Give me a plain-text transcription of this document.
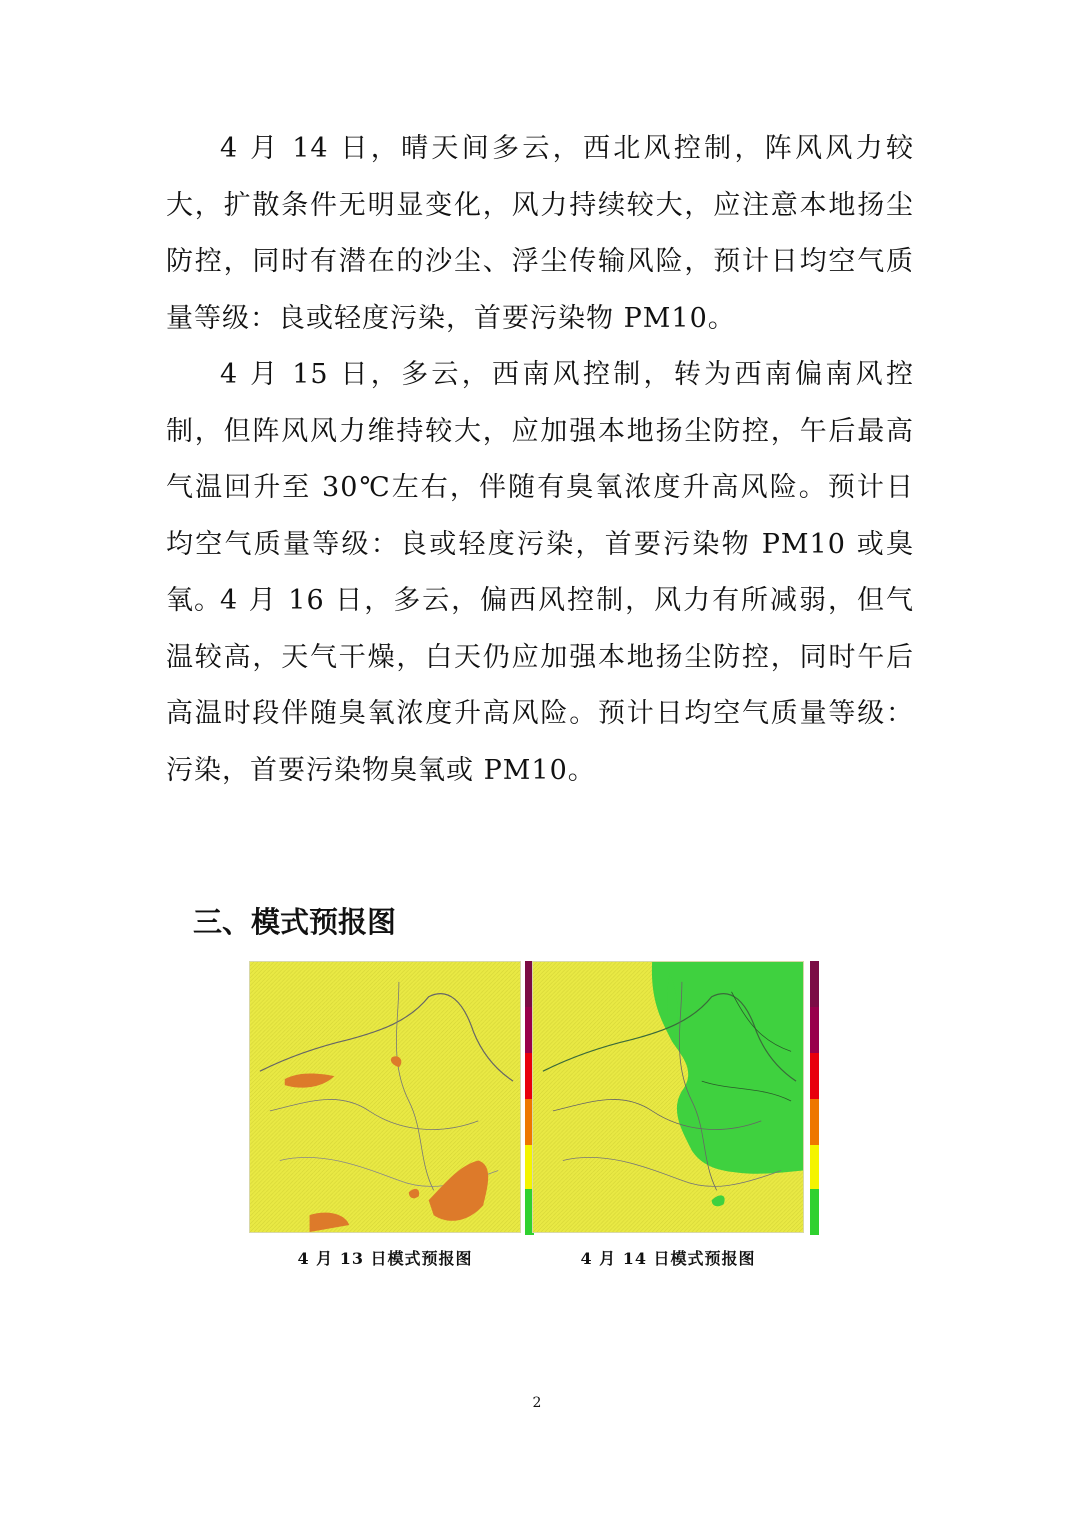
4 月 14 日，晴天间多云，西北风控制，阵风风力较大，扩散条件无明显变化，风力持续较大，应注意本地扬尘防控，同时有潜在的沙尘、浮尘传输风险，预计日均空气质量等级：良或轻度污染，首要污染物 PM10。

4 月 15 日，多云，西南风控制，转为西南偏南风控制，但阵风风力维持较大，应加强本地扬尘防控，午后最高气温回升至 30℃左右，伴随有臭氧浓度升高风险。预计日均空气质量等级：良或轻度污染，首要污染物 PM10 或臭氧。

4 月 16 日，多云，偏西风控制，风力有所减弱，但气温较高，天气干燥，白天仍应加强本地扬尘防控，同时午后高温时段伴随臭氧浓度升高风险。预计日均空气质量等级：污染，首要污染物臭氧或 PM10。

三、模式预报图
4 月 13 日模式预报图	4 月 14 日模式预报图
2
